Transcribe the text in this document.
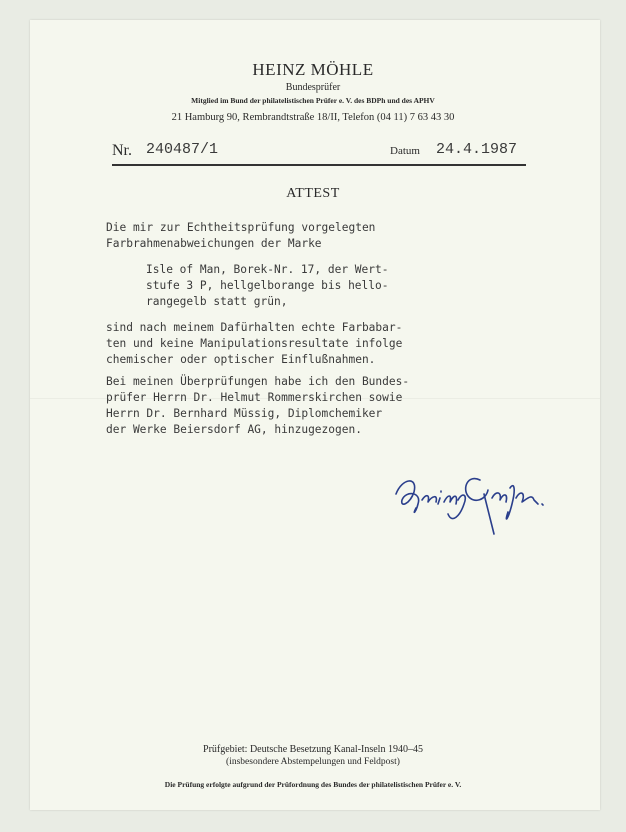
HEINZ MÖHLE
Bundesprüfer
Mitglied im Bund der philatelistischen Prüfer e. V. des BDPh und des APHV
21 Hamburg 90, Rembrandtstraße 18/II, Telefon (04 11) 7 63 43 30
Nr. 240487/1	Datum 24.4.1987
ATTEST
Die mir zur Echtheitsprüfung vorgelegten
Farbrahmenabweichungen der Marke
Isle of Man, Borek-Nr. 17, der Wert-
stufe 3 P, hellgelborange bis hello-
rangegelb statt grün,
sind nach meinem Dafürhalten echte Farbabar-
ten und keine Manipulationsresultate infolge
chemischer oder optischer Einflußnahmen.
Bei meinen Überprüfungen habe ich den Bundes-
prüfer Herrn Dr. Helmut Rommerskirchen sowie
Herrn Dr. Bernhard Müssig, Diplomchemiker
der Werke Beiersdorf AG, hinzugezogen.
Prüfgebiet: Deutsche Besetzung Kanal-Inseln 1940–45
(insbesondere Abstempelungen und Feldpost)
Die Prüfung erfolgte aufgrund der Prüfordnung des Bundes der philatelistischen Prüfer e. V.
